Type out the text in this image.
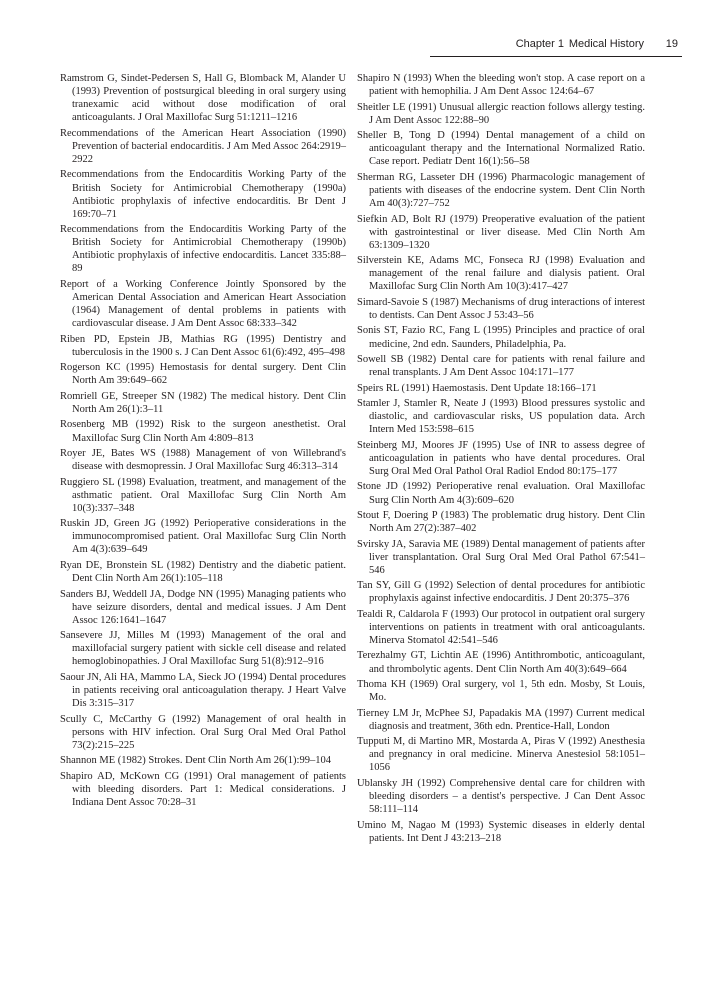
Chapter 1 Medical History 19

Ramstrom G, Sindet-Pedersen S, Hall G, Blomback M, Alander U (1993) Prevention of postsurgical bleeding in oral surgery using tranexamic acid without dose modification of oral anticoagulants. J Oral Maxillofac Surg 51:1211–1216

Recommendations of the American Heart Association (1990) Prevention of bacterial endocarditis. J Am Med Assoc 264:2919–2922

Recommendations from the Endocarditis Working Party of the British Society for Antimicrobial Chemotherapy (1990a) Antibiotic prophylaxis of infective endocarditis. Br Dent J 169:70–71

Recommendations from the Endocarditis Working Party of the British Society for Antimicrobial Chemotherapy (1990b) Antibiotic prophylaxis of infective endocarditis. Lancet 335:88–89

Report of a Working Conference Jointly Sponsored by the American Dental Association and American Heart Association (1964) Management of dental problems in patients with cardiovascular disease. J Am Dent Assoc 68:333–342

Riben PD, Epstein JB, Mathias RG (1995) Dentistry and tuberculosis in the 1900 s. J Can Dent Assoc 61(6):492, 495–498

Rogerson KC (1995) Hemostasis for dental surgery. Dent Clin North Am 39:649–662

Romriell GE, Streeper SN (1982) The medical history. Dent Clin North Am 26(1):3–11

Rosenberg MB (1992) Risk to the surgeon anesthetist. Oral Maxillofac Surg Clin North Am 4:809–813

Royer JE, Bates WS (1988) Management of von Willebrand's disease with desmopressin. J Oral Maxillofac Surg 46:313–314

Ruggiero SL (1998) Evaluation, treatment, and management of the asthmatic patient. Oral Maxillofac Surg Clin North Am 10(3):337–348

Ruskin JD, Green JG (1992) Perioperative considerations in the immunocompromised patient. Oral Maxillofac Surg Clin North Am 4(3):639–649

Ryan DE, Bronstein SL (1982) Dentistry and the diabetic patient. Dent Clin North Am 26(1):105–118

Sanders BJ, Weddell JA, Dodge NN (1995) Managing patients who have seizure disorders, dental and medical issues. J Am Dent Assoc 126:1641–1647

Sansevere JJ, Milles M (1993) Management of the oral and maxillofacial surgery patient with sickle cell disease and related hemoglobinopathies. J Oral Maxillofac Surg 51(8):912–916

Saour JN, Ali HA, Mammo LA, Sieck JO (1994) Dental procedures in patients receiving oral anticoagulation therapy. J Heart Valve Dis 3:315–317

Scully C, McCarthy G (1992) Management of oral health in persons with HIV infection. Oral Surg Oral Med Oral Pathol 73(2):215–225

Shannon ME (1982) Strokes. Dent Clin North Am 26(1):99–104

Shapiro AD, McKown CG (1991) Oral management of patients with bleeding disorders. Part 1: Medical considerations. J Indiana Dent Assoc 70:28–31

Shapiro N (1993) When the bleeding won't stop. A case report on a patient with hemophilia. J Am Dent Assoc 124:64–67

Sheitler LE (1991) Unusual allergic reaction follows allergy testing. J Am Dent Assoc 122:88–90

Sheller B, Tong D (1994) Dental management of a child on anticoagulant therapy and the International Normalized Ratio. Case report. Pediatr Dent 16(1):56–58

Sherman RG, Lasseter DH (1996) Pharmacologic management of patients with diseases of the endocrine system. Dent Clin North Am 40(3):727–752

Siefkin AD, Bolt RJ (1979) Preoperative evaluation of the patient with gastrointestinal or liver disease. Med Clin North Am 63:1309–1320

Silverstein KE, Adams MC, Fonseca RJ (1998) Evaluation and management of the renal failure and dialysis patient. Oral Maxillofac Surg Clin North Am 10(3):417–427

Simard-Savoie S (1987) Mechanisms of drug interactions of interest to dentists. Can Dent Assoc J 53:43–56

Sonis ST, Fazio RC, Fang L (1995) Principles and practice of oral medicine, 2nd edn. Saunders, Philadelphia, Pa.

Sowell SB (1982) Dental care for patients with renal failure and renal transplants. J Am Dent Assoc 104:171–177

Speirs RL (1991) Haemostasis. Dent Update 18:166–171

Stamler J, Stamler R, Neate J (1993) Blood pressures systolic and diastolic, and cardiovascular risks, US population data. Arch Intern Med 153:598–615

Steinberg MJ, Moores JF (1995) Use of INR to assess degree of anticoagulation in patients who have dental procedures. Oral Surg Oral Med Oral Pathol Oral Radiol Endod 80:175–177

Stone JD (1992) Perioperative renal evaluation. Oral Maxillofac Surg Clin North Am 4(3):609–620

Stout F, Doering P (1983) The problematic drug history. Dent Clin North Am 27(2):387–402

Svirsky JA, Saravia ME (1989) Dental management of patients after liver transplantation. Oral Surg Oral Med Oral Pathol 67:541–546

Tan SY, Gill G (1992) Selection of dental procedures for antibiotic prophylaxis against infective endocarditis. J Dent 20:375–376

Tealdi R, Caldarola F (1993) Our protocol in outpatient oral surgery interventions on patients in treatment with oral anticoagulants. Minerva Stomatol 42:541–546

Terezhalmy GT, Lichtin AE (1996) Antithrombotic, anticoagulant, and thrombolytic agents. Dent Clin North Am 40(3):649–664

Thoma KH (1969) Oral surgery, vol 1, 5th edn. Mosby, St Louis, Mo.

Tierney LM Jr, McPhee SJ, Papadakis MA (1997) Current medical diagnosis and treatment, 36th edn. Prentice-Hall, London

Tupputi M, di Martino MR, Mostarda A, Piras V (1992) Anesthesia and pregnancy in oral medicine. Minerva Anestesiol 58:1051–1056

Ublansky JH (1992) Comprehensive dental care for children with bleeding disorders – a dentist's perspective. J Can Dent Assoc 58:111–114

Umino M, Nagao M (1993) Systemic diseases in elderly dental patients. Int Dent J 43:213–218
